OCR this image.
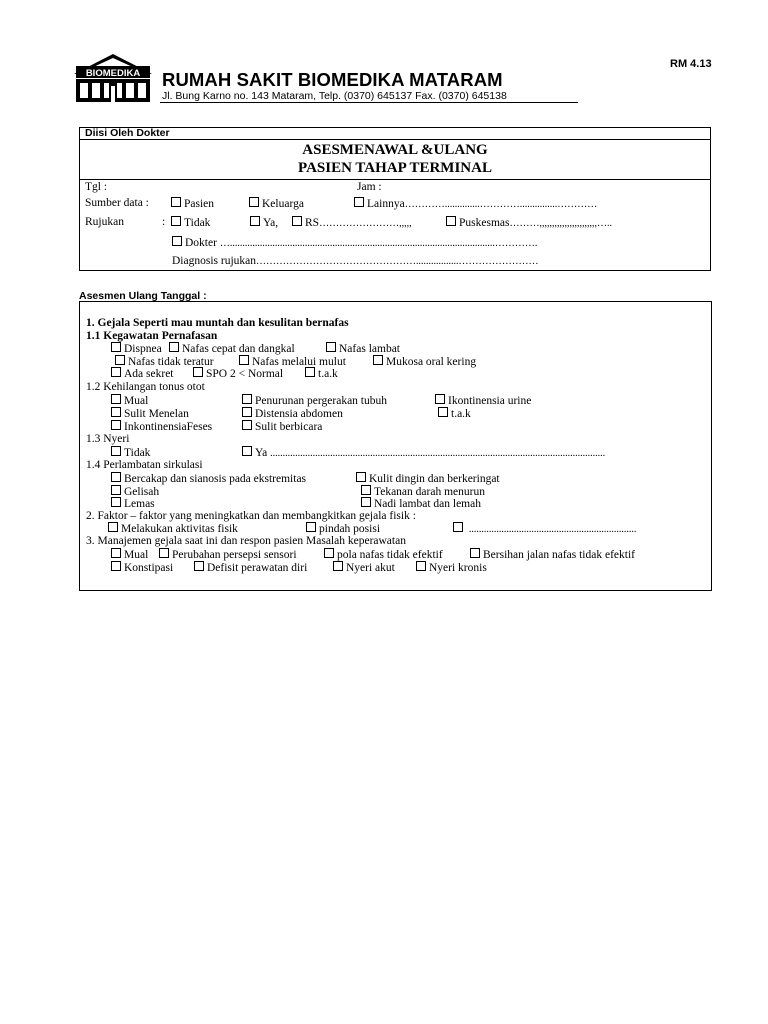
RM 4.13
BIOMEDIKA RUMAH SAKIT BIOMEDIKA MATARAM
Jl. Bung Karno no. 143 Mataram, Telp. (0370) 645137 Fax. (0370) 645138
Diisi Oleh Dokter
ASESMENAWAL &ULANG
PASIEN TAHAP TERMINAL
Tgl :	Jam :
Sumber data :	Pasien	Keluarga	Lainnya…………..............…………...............…………
Rujukan	:	Tidak	Ya,	RS……………………,,,,,	Puskesmas………,,,,,,,,,,,,,,,,,,,,,,,…..
Dokter …..........................................................................................................………….
Diagnosis rujukan………………………………………….................……………………
Asesmen Ulang Tanggal :
1. Gejala Seperti mau muntah dan kesulitan bernafas
1.1 Kegawatan Pernafasan
Dispnea	Nafas cepat dan dangkal	Nafas lambat
Nafas tidak teratur	Nafas melalui mulut	Mukosa oral kering
Ada sekret	SPO 2 < Normal	t.a.k
1.2 Kehilangan tonus otot
Mual	Penurunan pergerakan tubuh	Ikontinensia urine
Sulit Menelan	Distensia abdomen	t.a.k
InkontinensiaFeses	Sulit berbicara
1.3 Nyeri
Tidak	Ya ......................................................................................................................................
1.4 Perlambatan sirkulasi
Bercakap dan sianosis pada ekstremitas	Kulit dingin dan berkeringat
Gelisah	Tekanan darah menurun
Lemas	Nadi lambat dan lemah
2. Faktor – faktor yang meningkatkan dan membangkitkan gejala fisik :
Melakukan aktivitas fisik	pindah posisi	...................................................................
3. Manajemen gejala saat ini dan respon pasien Masalah keperawatan
Mual	Perubahan persepsi sensori	pola nafas tidak efektif	Bersihan jalan nafas tidak efektif
Konstipasi	Defisit perawatan diri	Nyeri akut	Nyeri kronis
